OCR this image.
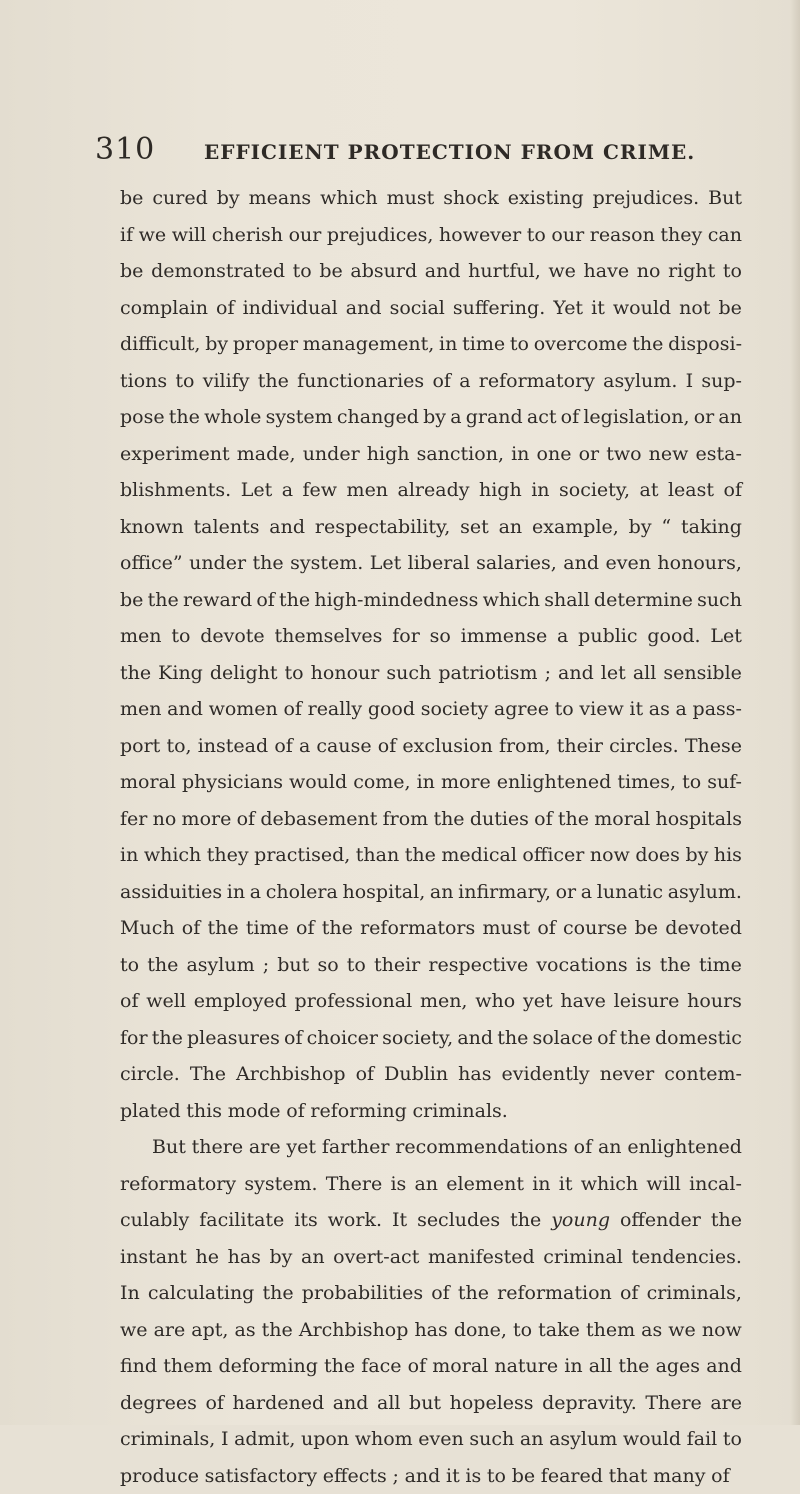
310 EFFICIENT PROTECTION FROM CRIME.
be cured by means which must shock existing prejudices. But
if we will cherish our prejudices, however to our reason they can
be demonstrated to be absurd and hurtful, we have no right to
complain of individual and social suffering. Yet it would not be
difficult, by proper management, in time to overcome the disposi-
tions to vilify the functionaries of a reformatory asylum. I sup-
pose the whole system changed by a grand act of legislation, or an
experiment made, under high sanction, in one or two new esta-
blishments. Let a few men already high in society, at least of
known talents and respectability, set an example, by “ taking
office” under the system. Let liberal salaries, and even honours,
be the reward of the high-mindedness which shall determine such
men to devote themselves for so immense a public good. Let
the King delight to honour such patriotism ; and let all sensible
men and women of really good society agree to view it as a pass-
port to, instead of a cause of exclusion from, their circles. These
moral physicians would come, in more enlightened times, to suf-
fer no more of debasement from the duties of the moral hospitals
in which they practised, than the medical officer now does by his
assiduities in a cholera hospital, an infirmary, or a lunatic asylum.
Much of the time of the reformators must of course be devoted
to the asylum ; but so to their respective vocations is the time
of well employed professional men, who yet have leisure hours
for the pleasures of choicer society, and the solace of the domestic
circle. The Archbishop of Dublin has evidently never contem-
plated this mode of reforming criminals.
But there are yet farther recommendations of an enlightened
reformatory system. There is an element in it which will incal-
culably facilitate its work. It secludes the young offender the
instant he has by an overt-act manifested criminal tendencies.
In calculating the probabilities of the reformation of criminals,
we are apt, as the Archbishop has done, to take them as we now
find them deforming the face of moral nature in all the ages and
degrees of hardened and all but hopeless depravity. There are
criminals, I admit, upon whom even such an asylum would fail to
produce satisfactory effects ; and it is to be feared that many of
